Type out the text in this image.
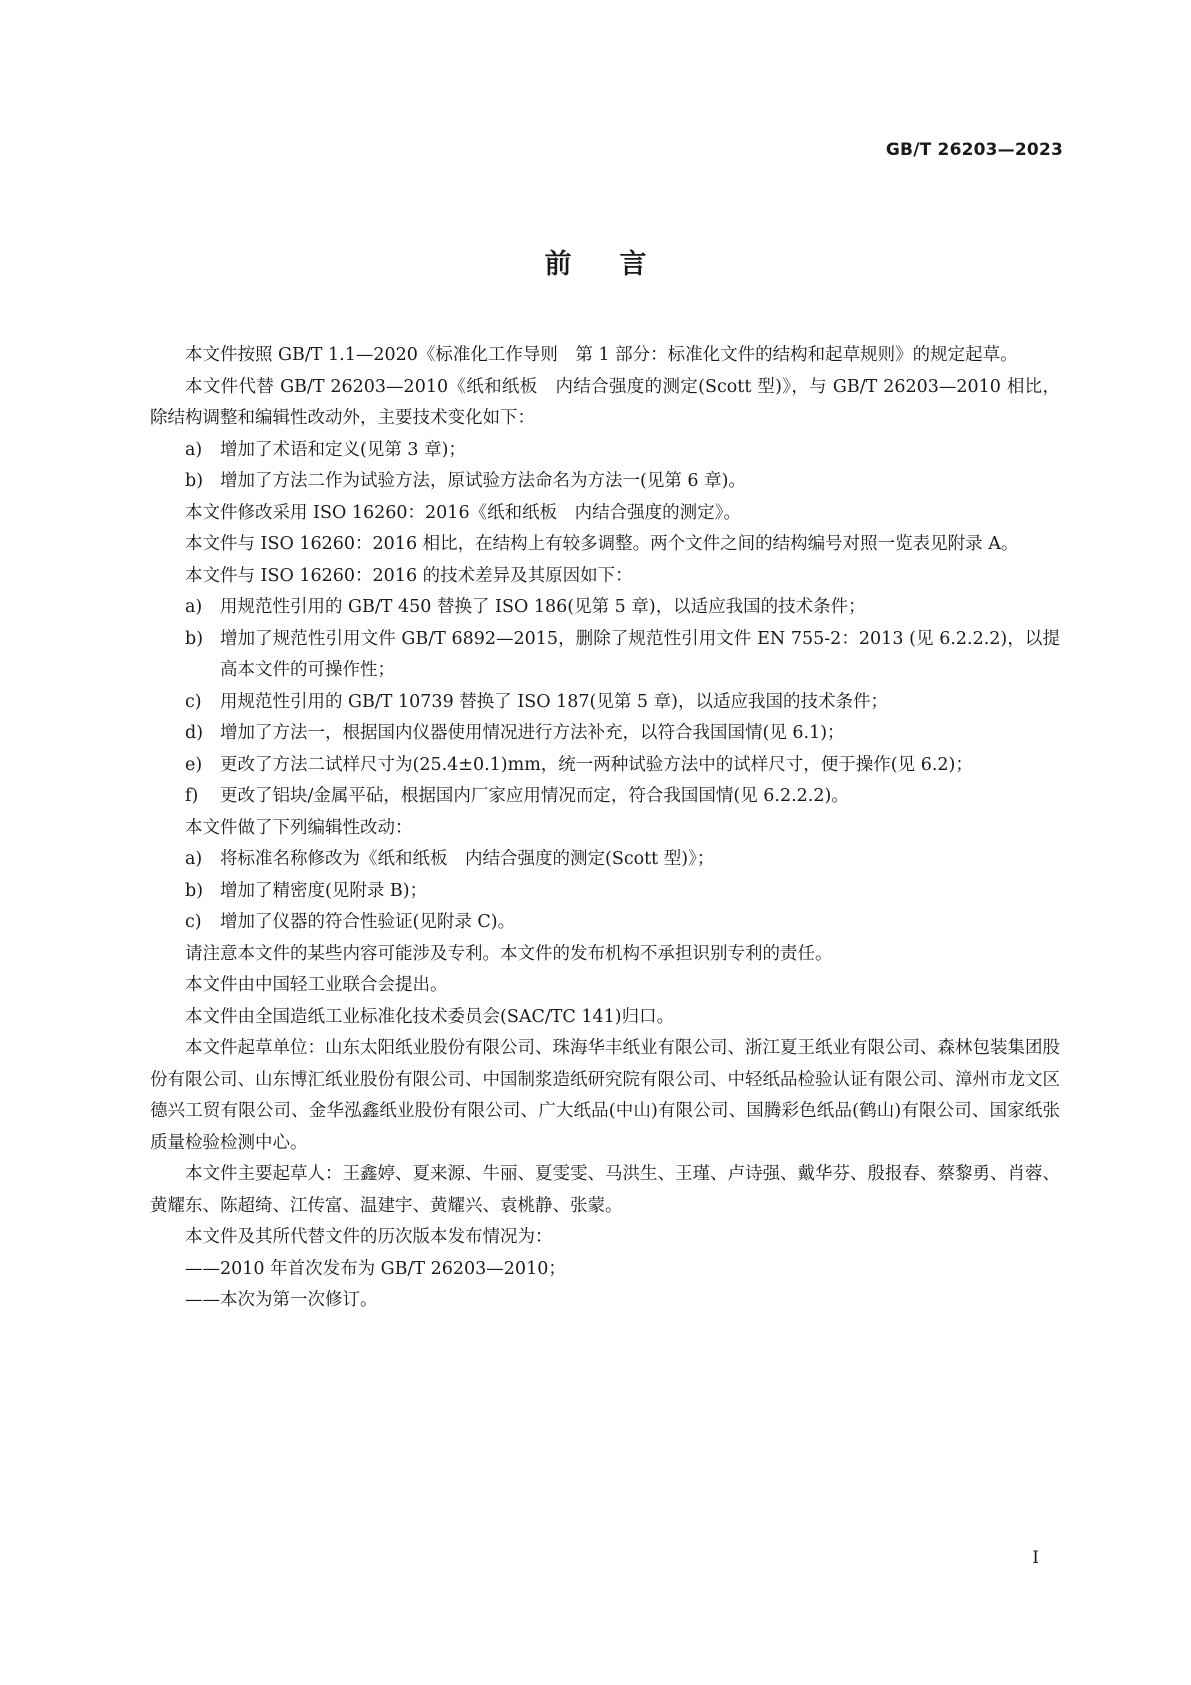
GB/T 26203—2023
前言

本文件按照 GB/T 1.1—2020《标准化工作导则　第 1 部分：标准化文件的结构和起草规则》的规定起草。

本文件代替 GB/T 26203—2010《纸和纸板　内结合强度的测定(Scott 型)》，与 GB/T 26203—2010 相比，除结构调整和编辑性改动外，主要技术变化如下：

a) 增加了术语和定义(见第 3 章)；

b) 增加了方法二作为试验方法，原试验方法命名为方法一(见第 6 章)。

本文件修改采用 ISO 16260：2016《纸和纸板　内结合强度的测定》。

本文件与 ISO 16260：2016 相比，在结构上有较多调整。两个文件之间的结构编号对照一览表见附录 A。

本文件与 ISO 16260：2016 的技术差异及其原因如下：

a) 用规范性引用的 GB/T 450 替换了 ISO 186(见第 5 章)，以适应我国的技术条件；

b) 增加了规范性引用文件 GB/T 6892—2015，删除了规范性引用文件 EN 755-2：2013 (见 6.2.2.2)，以提高本文件的可操作性；

c) 用规范性引用的 GB/T 10739 替换了 ISO 187(见第 5 章)，以适应我国的技术条件；

d) 增加了方法一，根据国内仪器使用情况进行方法补充，以符合我国国情(见 6.1)；

e) 更改了方法二试样尺寸为(25.4±0.1)mm，统一两种试验方法中的试样尺寸，便于操作(见 6.2)；

f) 更改了铝块/金属平砧，根据国内厂家应用情况而定，符合我国国情(见 6.2.2.2)。

本文件做了下列编辑性改动：

a) 将标准名称修改为《纸和纸板　内结合强度的测定(Scott 型)》；

b) 增加了精密度(见附录 B)；

c) 增加了仪器的符合性验证(见附录 C)。

请注意本文件的某些内容可能涉及专利。本文件的发布机构不承担识别专利的责任。

本文件由中国轻工业联合会提出。

本文件由全国造纸工业标准化技术委员会(SAC/TC 141)归口。

本文件起草单位：山东太阳纸业股份有限公司、珠海华丰纸业有限公司、浙江夏王纸业有限公司、森林包装集团股份有限公司、山东博汇纸业股份有限公司、中国制浆造纸研究院有限公司、中轻纸品检验认证有限公司、漳州市龙文区德兴工贸有限公司、金华泓鑫纸业股份有限公司、广大纸品(中山)有限公司、国腾彩色纸品(鹤山)有限公司、国家纸张质量检验检测中心。

本文件主要起草人：王鑫婷、夏来源、牛丽、夏雯雯、马洪生、王瑾、卢诗强、戴华芬、殷报春、蔡黎勇、肖蓉、黄耀东、陈超绮、江传富、温建宇、黄耀兴、袁桃静、张蒙。

本文件及其所代替文件的历次版本发布情况为：

——2010 年首次发布为 GB/T 26203—2010；

——本次为第一次修订。

I
